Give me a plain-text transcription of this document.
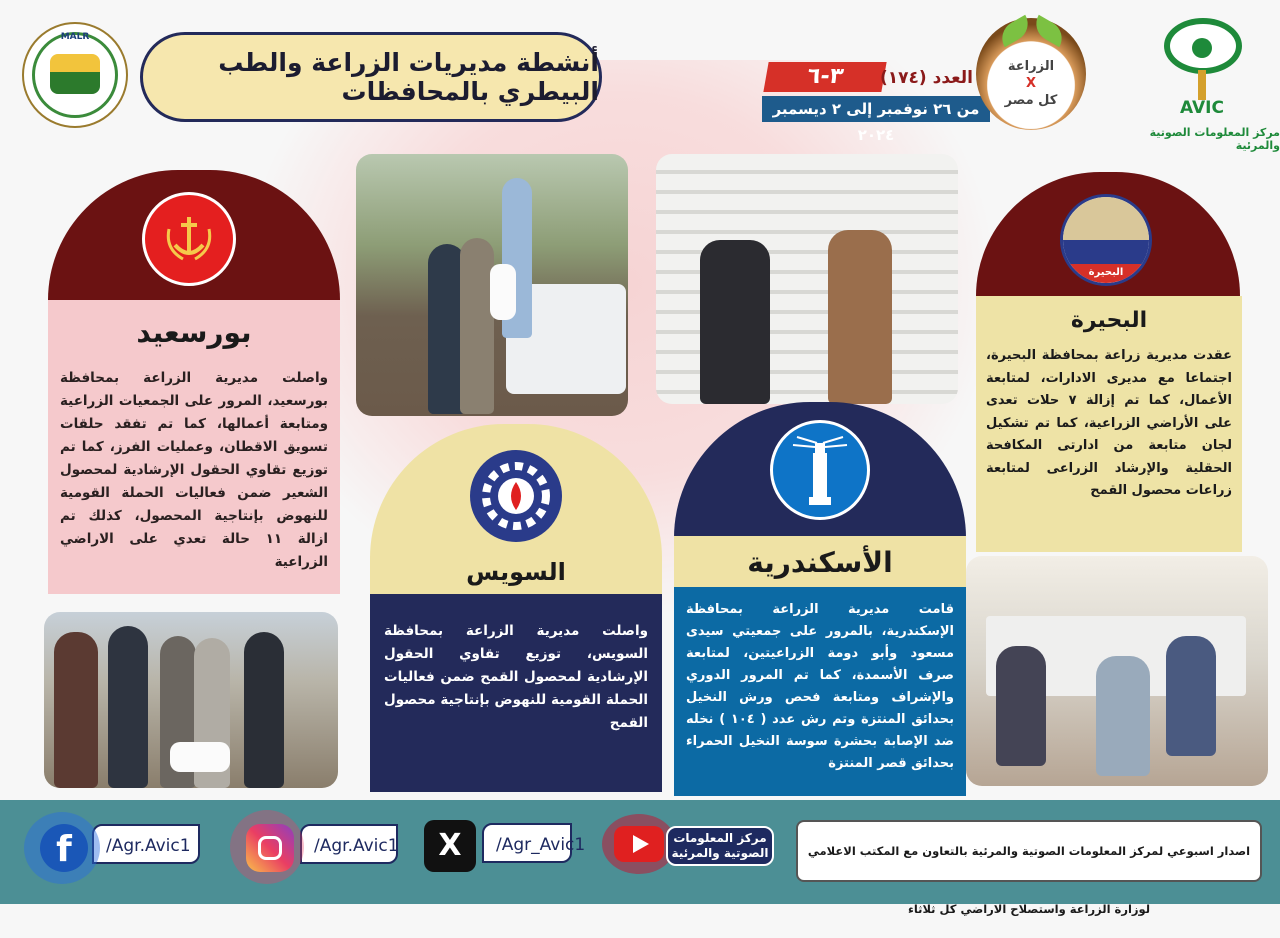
MALR
أنشطة مديريات الزراعة والطب البيطري بالمحافظات
٣-٦	العدد (١٧٤)
من ٢٦ نوفمبر إلى ٢ ديسمبر ٢٠٢٤
الزراعة
X
كل مصر	AVIC
مركز المعلومات الصوتية والمرئية
بورسعيد
واصلت مديرية الزراعة بمحافظة بورسعيد، المرور على الجمعيات الزراعية ومتابعة أعمالها، كما تم تفقد حلقات تسويق الاقطان، وعمليات الفرز، كما تم توزيع تقاوي الحقول الإرشادية لمحصول الشعير ضمن فعاليات الحملة القومية للنهوض بإنتاجية المحصول، كذلك تم ازالة ١١ حالة تعدي على الاراضي الزراعية
البحيرة
البحيرة
عقدت مديرية زراعة بمحافظة البحيرة، اجتماعا مع مديرى الادارات، لمتابعة الأعمال، كما تم إزالة ٧ حلات تعدى على الأراضي الزراعية، كما تم تشكيل لجان متابعة من ادارتى المكافحة الحقلية والإرشاد الزراعى لمتابعة زراعات محصول القمح
السويس
واصلت مديرية الزراعة بمحافظة السويس، توزيع تقاوي الحقول الإرشادية لمحصول القمح ضمن فعاليات الحملة القومية للنهوض بإنتاجية محصول القمح
الأسكندرية
قامت مديرية الزراعة بمحافظة الإسكندرية، بالمرور على جمعيتي سيدى مسعود وأبو دومة الزراعيتين، لمتابعة صرف الأسمدة، كما تم المرور الدوري والإشراف ومتابعة فحص ورش النخيل بحدائق المنتزة وتم رش عدد ( ١٠٤ ) نخله ضد الإصابة بحشرة سوسة النخيل الحمراء بحدائق قصر المنتزة
f	/Agr.Avic1	/Agr.Avic1	X	/Agr_Avic1	مركز المعلومات الصوتية والمرئية	اصدار اسبوعي لمركز المعلومات الصوتية والمرئية بالتعاون مع المكتب الاعلامي لوزارة الزراعة واستصلاح الاراضي كل ثلاثاء
